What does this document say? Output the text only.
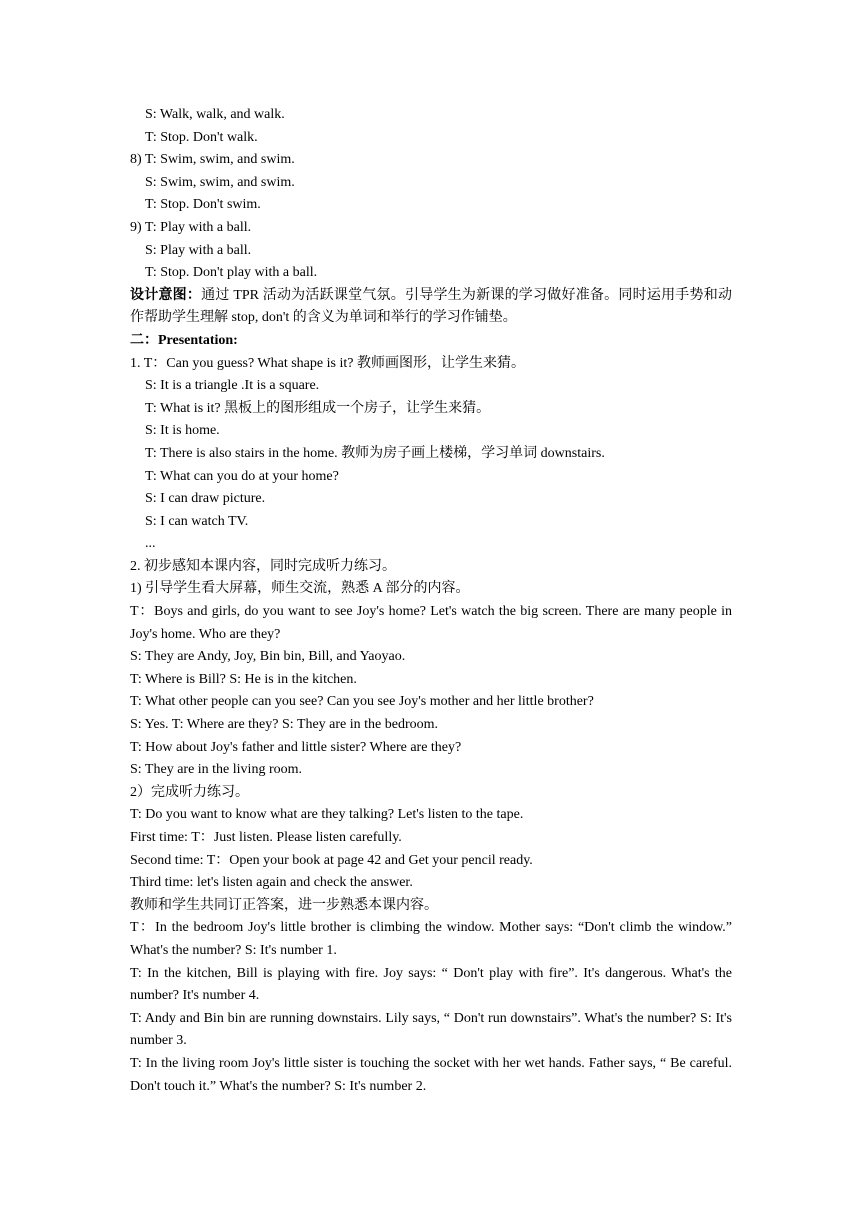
S: Walk, walk, and walk.
T: Stop. Don't walk.
8) T: Swim, swim, and swim.
S: Swim, swim, and swim.
T: Stop. Don't swim.
9) T: Play with a ball.
S: Play with a ball.
T: Stop. Don't play with a ball.
设计意图：通过 TPR 活动为活跃课堂气氛。引导学生为新课的学习做好准备。同时运用手势和动作帮助学生理解 stop, don't 的含义为单词和举行的学习作铺垫。
二：Presentation:
1. T：Can you guess? What shape is it? 教师画图形，让学生来猜。
S: It is a triangle .It is a square.
T: What is it? 黑板上的图形组成一个房子，让学生来猜。
S: It is home.
T: There is also stairs in the home. 教师为房子画上楼梯，学习单词 downstairs.
T: What can you do at your home?
S: I can draw picture.
S: I can watch TV.
...
2. 初步感知本课内容，同时完成听力练习。
1) 引导学生看大屏幕，师生交流，熟悉 A 部分的内容。
T：Boys and girls, do you want to see Joy's home? Let's watch the big screen. There are many people in Joy's home. Who are they?
S: They are Andy, Joy, Bin bin, Bill, and Yaoyao.
T: Where is Bill? S: He is in the kitchen.
T: What other people can you see? Can you see Joy's mother and her little brother?
S: Yes. T: Where are they? S: They are in the bedroom.
T: How about Joy's father and little sister? Where are they?
S: They are in the living room.
2）完成听力练习。
T: Do you want to know what are they talking? Let's listen to the tape.
First time: T：Just listen. Please listen carefully.
Second time: T：Open your book at page 42 and Get your pencil ready.
Third time: let's listen again and check the answer.
教师和学生共同订正答案，进一步熟悉本课内容。
T：In the bedroom Joy's little brother is climbing the window. Mother says: “Don't climb the window.” What's the number? S: It's number 1.
T: In the kitchen, Bill is playing with fire. Joy says: “ Don't play with fire”. It's dangerous. What's the number? It's number 4.
T: Andy and Bin bin are running downstairs. Lily says, “ Don't run downstairs”. What's the number? S: It's number 3.
T: In the living room Joy's little sister is touching the socket with her wet hands. Father says, “ Be careful. Don't touch it.” What's the number? S: It's number 2.
